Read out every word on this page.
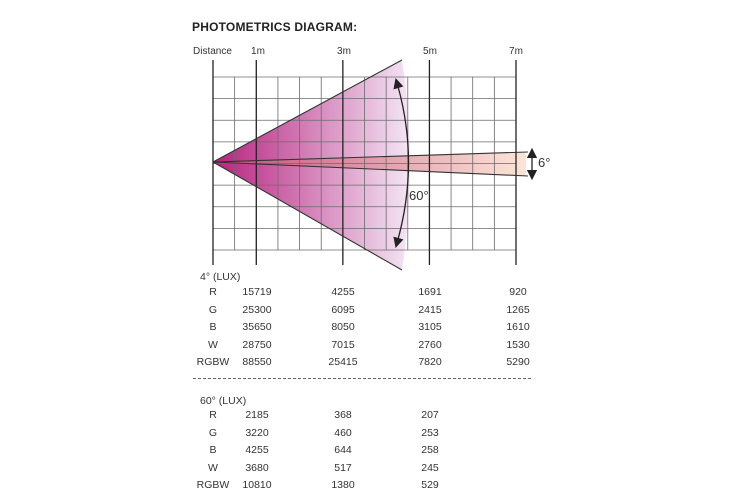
PHOTOMETRICS DIAGRAM:
Distance 1m	3m	5m	7m
6°
60°
4° (LUX)
R 15719	4255	1691	920
G 25300	6095	2415	1265
B 35650	8050	3105	1610
W 28750	7015	2760	1530
RGBW 88550	25415	7820	5290
60° (LUX)
R	2185	368	207
G	3220	460	253
B	4255	644	258
W	3680	517	245
RGBW 10810	1380	529
